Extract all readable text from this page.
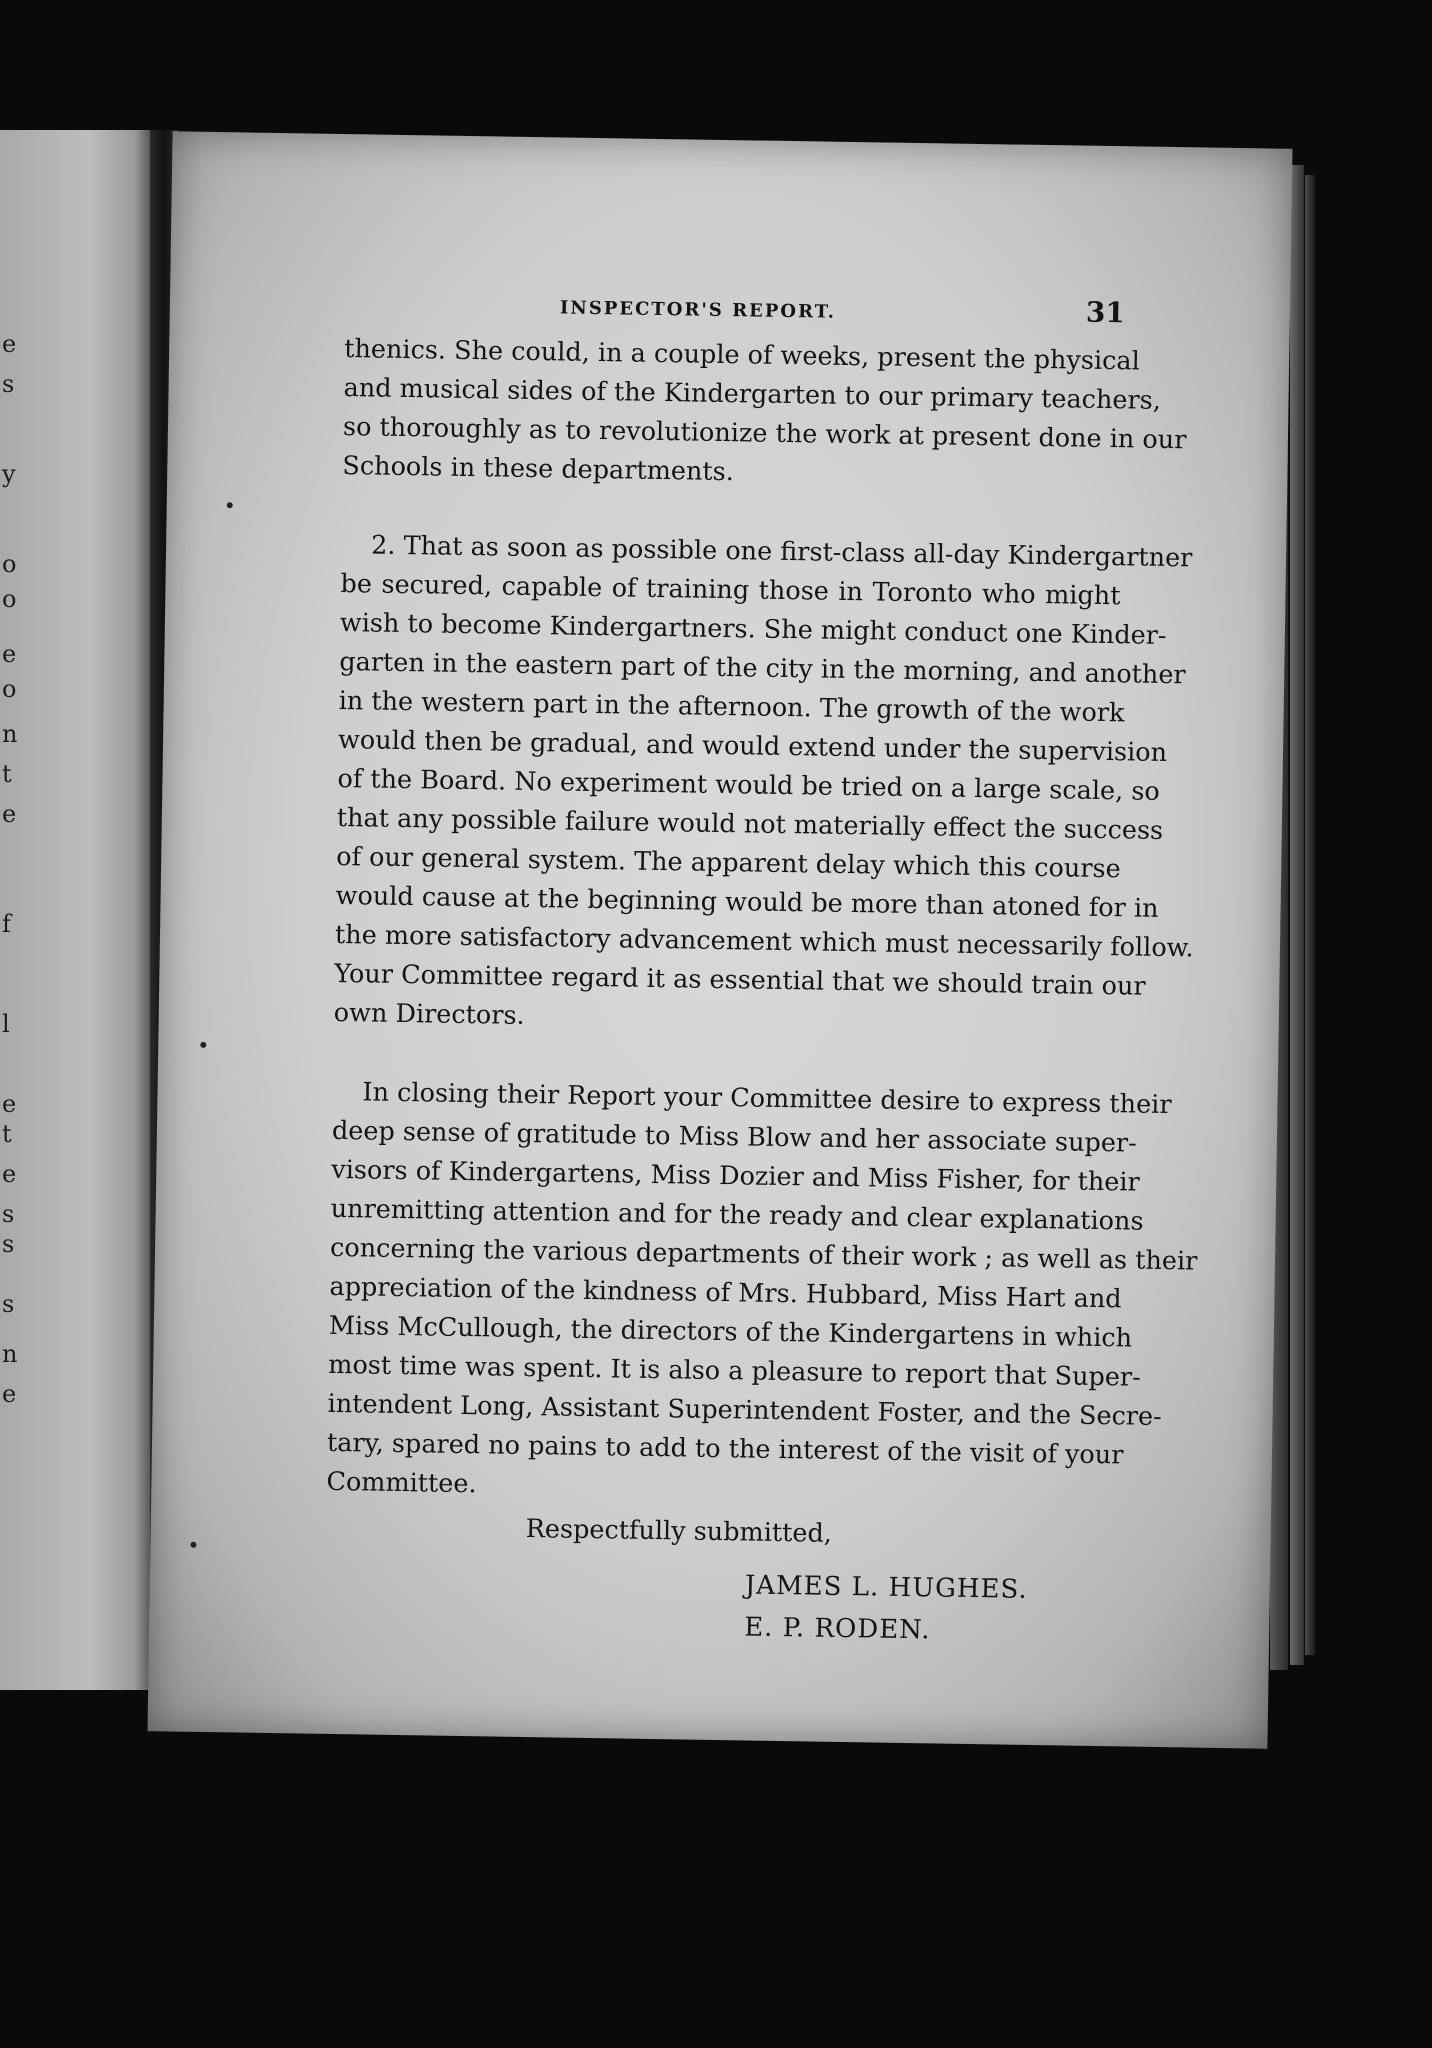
e
s
y
o
o
e
o
n
t
e
f
l
e
t
e
s
s
s
n
e
INSPECTOR'S REPORT.	31

thenics. She could, in a couple of weeks, present the physical
and musical sides of the Kindergarten to our primary teachers,
so thoroughly as to revolutionize the work at present done in our
Schools in these departments.

2. That as soon as possible one first-class all-day Kindergartner
be secured, capable of training those in Toronto who might
wish to become Kindergartners. She might conduct one Kinder-
garten in the eastern part of the city in the morning, and another
in the western part in the afternoon. The growth of the work
would then be gradual, and would extend under the supervision
of the Board. No experiment would be tried on a large scale, so
that any possible failure would not materially effect the success
of our general system. The apparent delay which this course
would cause at the beginning would be more than atoned for in
the more satisfactory advancement which must necessarily follow.
Your Committee regard it as essential that we should train our
own Directors.

In closing their Report your Committee desire to express their
deep sense of gratitude to Miss Blow and her associate super-
visors of Kindergartens, Miss Dozier and Miss Fisher, for their
unremitting attention and for the ready and clear explanations
concerning the various departments of their work ; as well as their
appreciation of the kindness of Mrs. Hubbard, Miss Hart and
Miss McCullough, the directors of the Kindergartens in which
most time was spent. It is also a pleasure to report that Super-
intendent Long, Assistant Superintendent Foster, and the Secre-
tary, spared no pains to add to the interest of the visit of your
Committee.

Respectfully submitted,
JAMES L. HUGHES.
E. P. RODEN.
